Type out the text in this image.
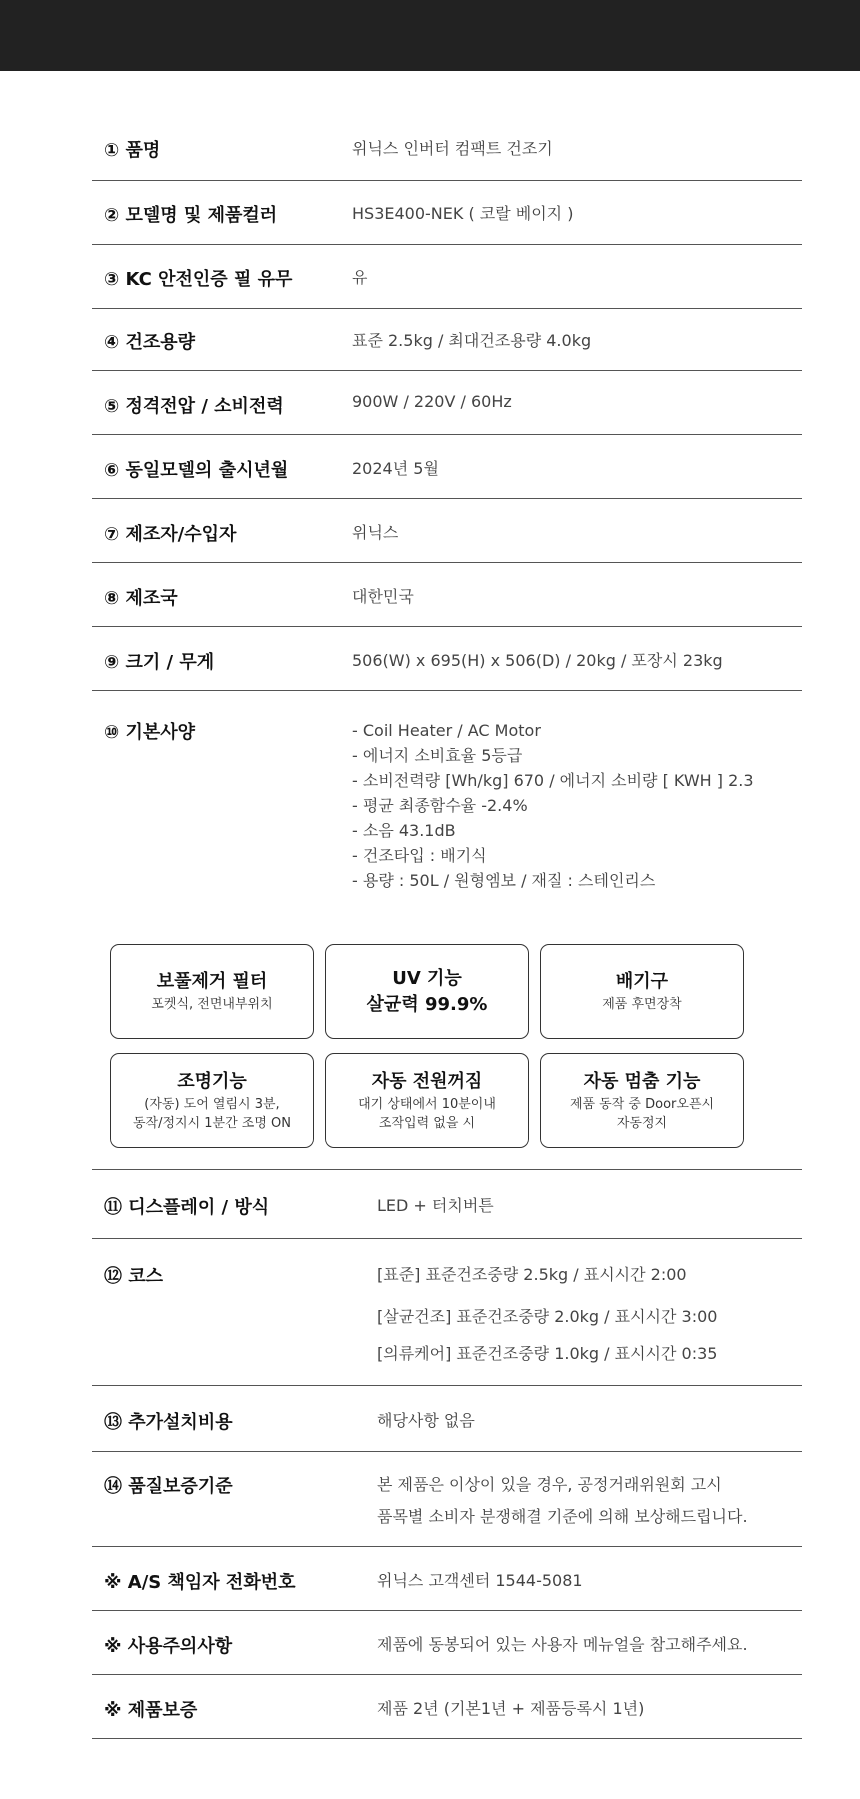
① 품명	위닉스 인버터 컴팩트 건조기
② 모델명 및 제품컬러	HS3E400-NEK ( 코랄 베이지 )
③ KC 안전인증 필 유무	유
④ 건조용량	표준 2.5kg / 최대건조용량 4.0kg
⑤ 정격전압 / 소비전력	900W / 220V / 60Hz
⑥ 동일모델의 출시년월	2024년 5월
⑦ 제조자/수입자	위닉스
⑧ 제조국	대한민국
⑨ 크기 / 무게	506(W) x 695(H) x 506(D) / 20kg / 포장시 23kg
⑩ 기본사양	- Coil Heater / AC Motor
- 에너지 소비효율 5등급
- 소비전력량 [Wh/kg] 670 / 에너지 소비량 [ KWH ] 2.3
- 평균 최종함수율 -2.4%
- 소음 43.1dB
- 건조타입 : 배기식
- 용량 : 50L / 원형엠보 / 재질 : 스테인리스
보풀제거 필터
포켓식, 전면내부위치
UV 기능
살균력 99.9%
배기구
제품 후면장착
조명기능
(자동) 도어 열림시 3분,
동작/정지시 1분간 조명 ON
자동 전원꺼짐
대기 상태에서 10분이내
조작입력 없을 시
자동 멈춤 기능
제품 동작 중 Door오픈시
자동정지
⑪ 디스플레이 / 방식	LED + 터치버튼
⑫ 코스	[표준] 표준건조중량 2.5kg / 표시시간 2:00
[살균건조] 표준건조중량 2.0kg / 표시시간 3:00
[의류케어] 표준건조중량 1.0kg / 표시시간 0:35
⑬ 추가설치비용	해당사항 없음
⑭ 품질보증기준	본 제품은 이상이 있을 경우, 공정거래위원회 고시
품목별 소비자 분쟁해결 기준에 의해 보상해드립니다.
※ A/S 책임자 전화번호	위닉스 고객센터 1544-5081
※ 사용주의사항	제품에 동봉되어 있는 사용자 메뉴얼을 참고해주세요.
※ 제품보증	제품 2년 (기본1년 + 제품등록시 1년)
